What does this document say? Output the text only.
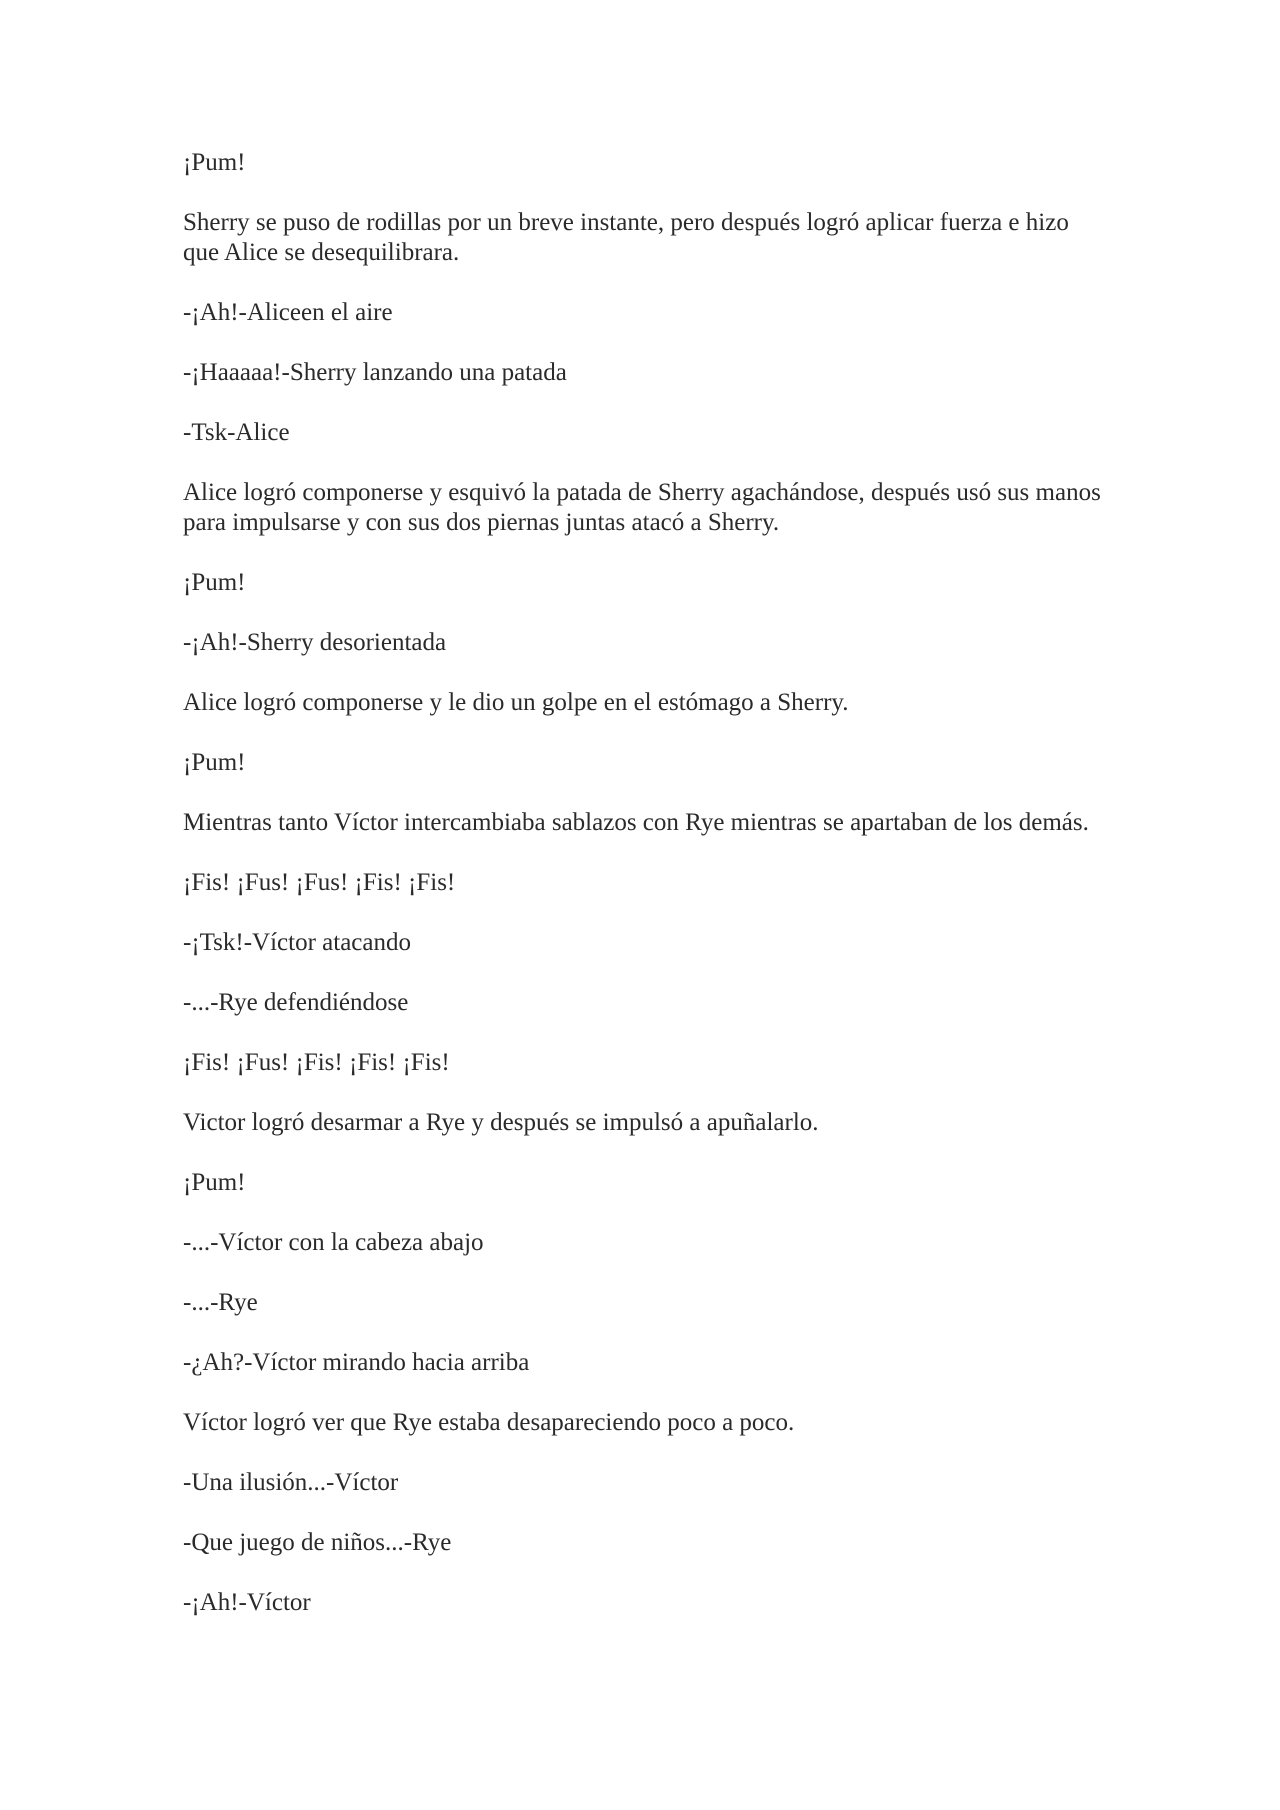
¡Pum!

Sherry se puso de rodillas por un breve instante, pero después logró aplicar fuerza e hizo que Alice se desequilibrara.

-¡Ah!-Aliceen el aire

-¡Haaaaa!-Sherry lanzando una patada

-Tsk-Alice

Alice logró componerse y esquivó la patada de Sherry agachándose, después usó sus manos para impulsarse y con sus dos piernas juntas atacó a Sherry.

¡Pum!

-¡Ah!-Sherry desorientada

Alice logró componerse y le dio un golpe en el estómago a Sherry.

¡Pum!

Mientras tanto Víctor intercambiaba sablazos con Rye mientras se apartaban de los demás.

¡Fis! ¡Fus! ¡Fus! ¡Fis! ¡Fis!

-¡Tsk!-Víctor atacando

-...-Rye defendiéndose

¡Fis! ¡Fus! ¡Fis! ¡Fis! ¡Fis!

Victor logró desarmar a Rye y después se impulsó a apuñalarlo.

¡Pum!

-...-Víctor con la cabeza abajo

-...-Rye

-¿Ah?-Víctor mirando hacia arriba

Víctor logró ver que Rye estaba desapareciendo poco a poco.

-Una ilusión...-Víctor

-Que juego de niños...-Rye

-¡Ah!-Víctor
